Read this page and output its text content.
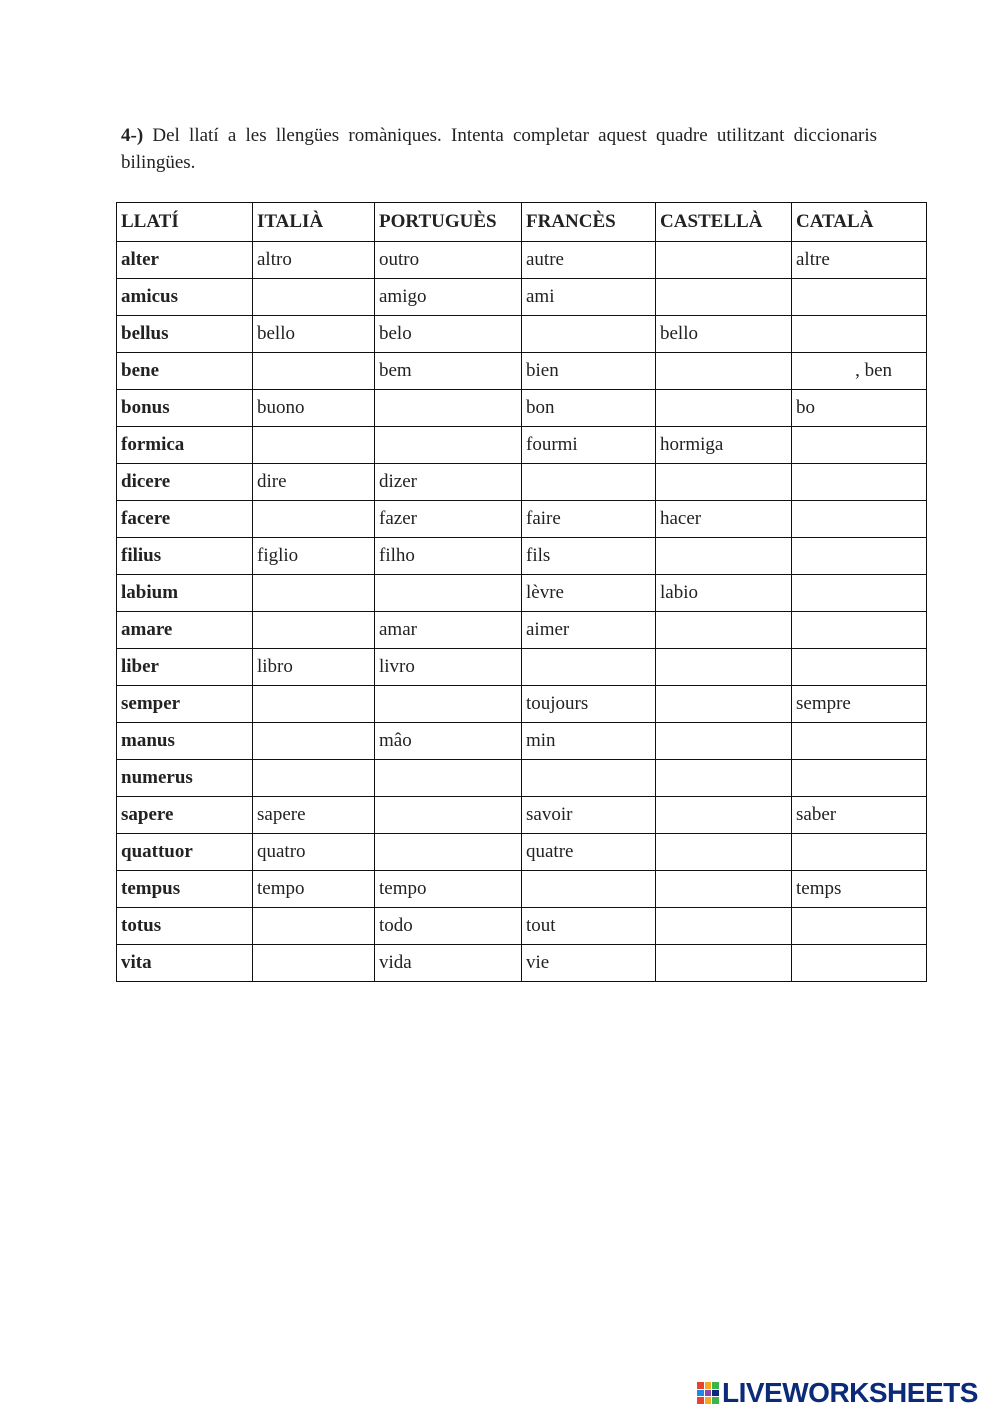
4-) Del llatí a les llengües romàniques. Intenta completar aquest quadre utilitzant diccionaris bilingües.
LLATÍ	ITALIÀ	PORTUGUÈS	FRANCÈS	CASTELLÀ	CATALÀ
alter	altro	outro	autre		altre
amicus		amigo	ami		
bellus	bello	belo		bello	
bene		bem	bien		, ben
bonus	buono		bon		bo
formica			fourmi	hormiga	
dicere	dire	dizer			
facere		fazer	faire	hacer	
filius	figlio	filho	fils		
labium			lèvre	labio	
amare		amar	aimer		
liber	libro	livro			
semper			toujours		sempre
manus		mâo	min		
numerus					
sapere	sapere		savoir		saber
quattuor	quatro		quatre		
tempus	tempo	tempo			temps
totus		todo	tout		
vita		vida	vie		
LIVEWORKSHEETS
